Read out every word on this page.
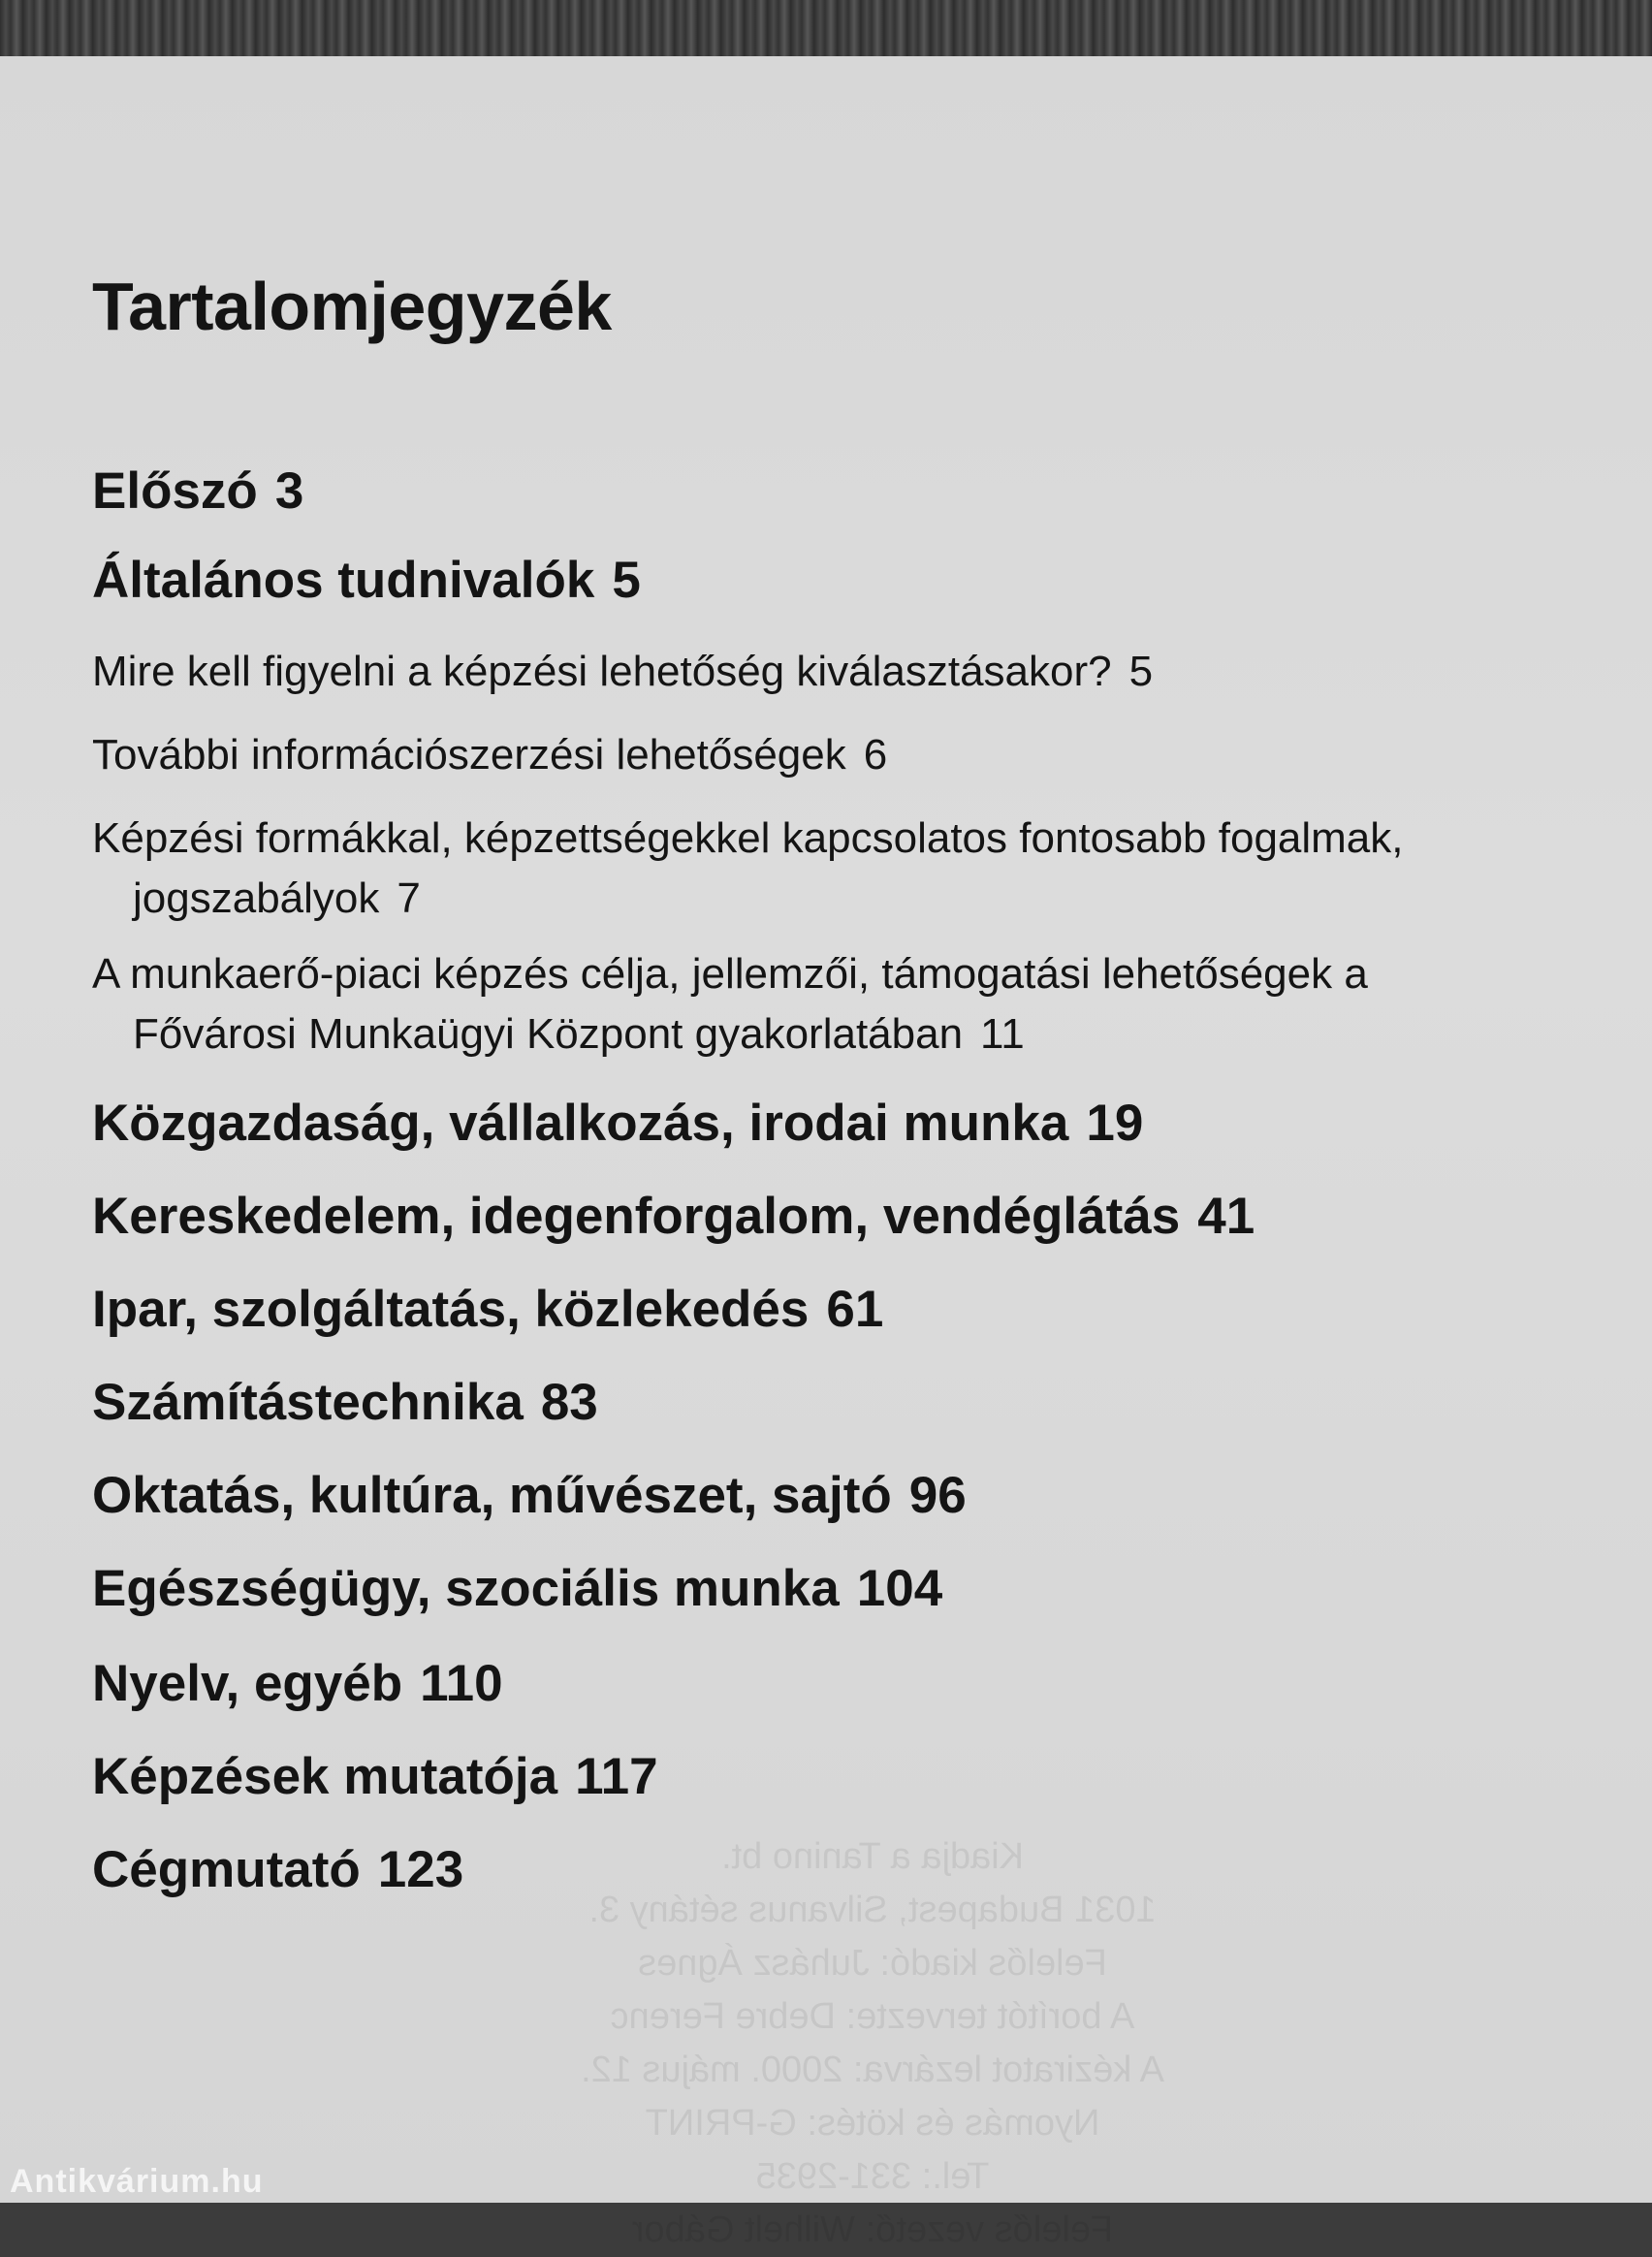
Kiadja a Tanino bt.
1031 Budapest, Silvanus sétány 3.
Felelős kiadó: Juhász Ágnes
A borítót tervezte: Debre Ferenc
A kéziratot lezárva: 2000. május 12.
Nyomás és kötés: G-PRINT
Tel.: 331-2935
Felelős vezető: Wilhelt Gábor
Tartalomjegyzék
Előszó 3
Általános tudnivalók 5
Mire kell figyelni a képzési lehetőség kiválasztásakor? 5
További információszerzési lehetőségek 6
Képzési formákkal, képzettségekkel kapcsolatos fontosabb fogalmak,
jogszabályok 7
A munkaerő-piaci képzés célja, jellemzői, támogatási lehetőségek a
Fővárosi Munkaügyi Központ gyakorlatában 11
Közgazdaság, vállalkozás, irodai munka 19
Kereskedelem, idegenforgalom, vendéglátás 41
Ipar, szolgáltatás, közlekedés 61
Számítástechnika 83
Oktatás, kultúra, művészet, sajtó 96
Egészségügy, szociális munka 104
Nyelv, egyéb 110
Képzések mutatója 117
Cégmutató 123
Antikvárium.hu
